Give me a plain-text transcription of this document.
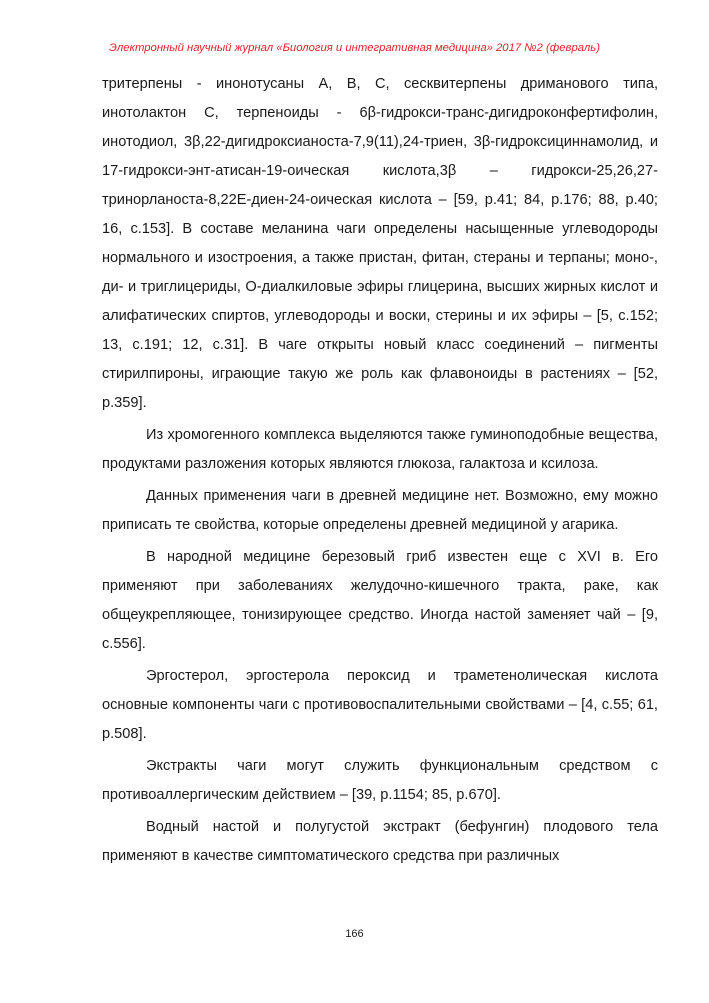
Электронный научный журнал «Биология и интегративная медицина» 2017 №2 (февраль)

тритерпены - инонотусаны А, В, С, сесквитерпены дриманового типа, инотолактон С, терпеноиды - 6β-гидрокси-транс-дигидроконфертифолин, инотодиол, 3β,22-дигидроксианоста-7,9(11),24-триен, 3β-гидроксициннамолид, и 17-гидрокси-энт-атисан-19-оическая кислота,3β – гидрокси-25,26,27-тринорланоста-8,22E-диен-24-оическая кислота – [59, p.41; 84, p.176; 88, p.40; 16, c.153]. В составе меланина чаги определены насыщенные углеводороды нормального и изостроения, а также пристан, фитан, стераны и терпаны; моно-, ди- и триглицериды, О-диалкиловые эфиры глицерина, высших жирных кислот и алифатических спиртов, углеводороды и воски, стерины и их эфиры – [5, c.152; 13, c.191; 12, c.31]. В чаге открыты новый класс соединений – пигменты стирилпироны, играющие такую же роль как флавоноиды в растениях – [52, p.359].

Из хромогенного комплекса выделяются также гуминоподобные вещества, продуктами разложения которых являются глюкоза, галактоза и ксилоза.

Данных применения чаги в древней медицине нет. Возможно, ему можно приписать те свойства, которые определены древней медициной у агарика.

В народной медицине березовый гриб известен еще с XVI в. Его применяют при заболеваниях желудочно-кишечного тракта, раке, как общеукрепляющее, тонизирующее средство. Иногда настой заменяет чай – [9, c.556].

Эргостерол, эргостерола пероксид и траметенолическая кислота основные компоненты чаги с противовоспалительными свойствами – [4, c.55; 61, p.508].

Экстракты чаги могут служить функциональным средством с противоаллергическим действием – [39, p.1154; 85, p.670].

Водный настой и полугустой экстракт (бефунгин) плодового тела применяют в качестве симптоматического средства при различных

166
